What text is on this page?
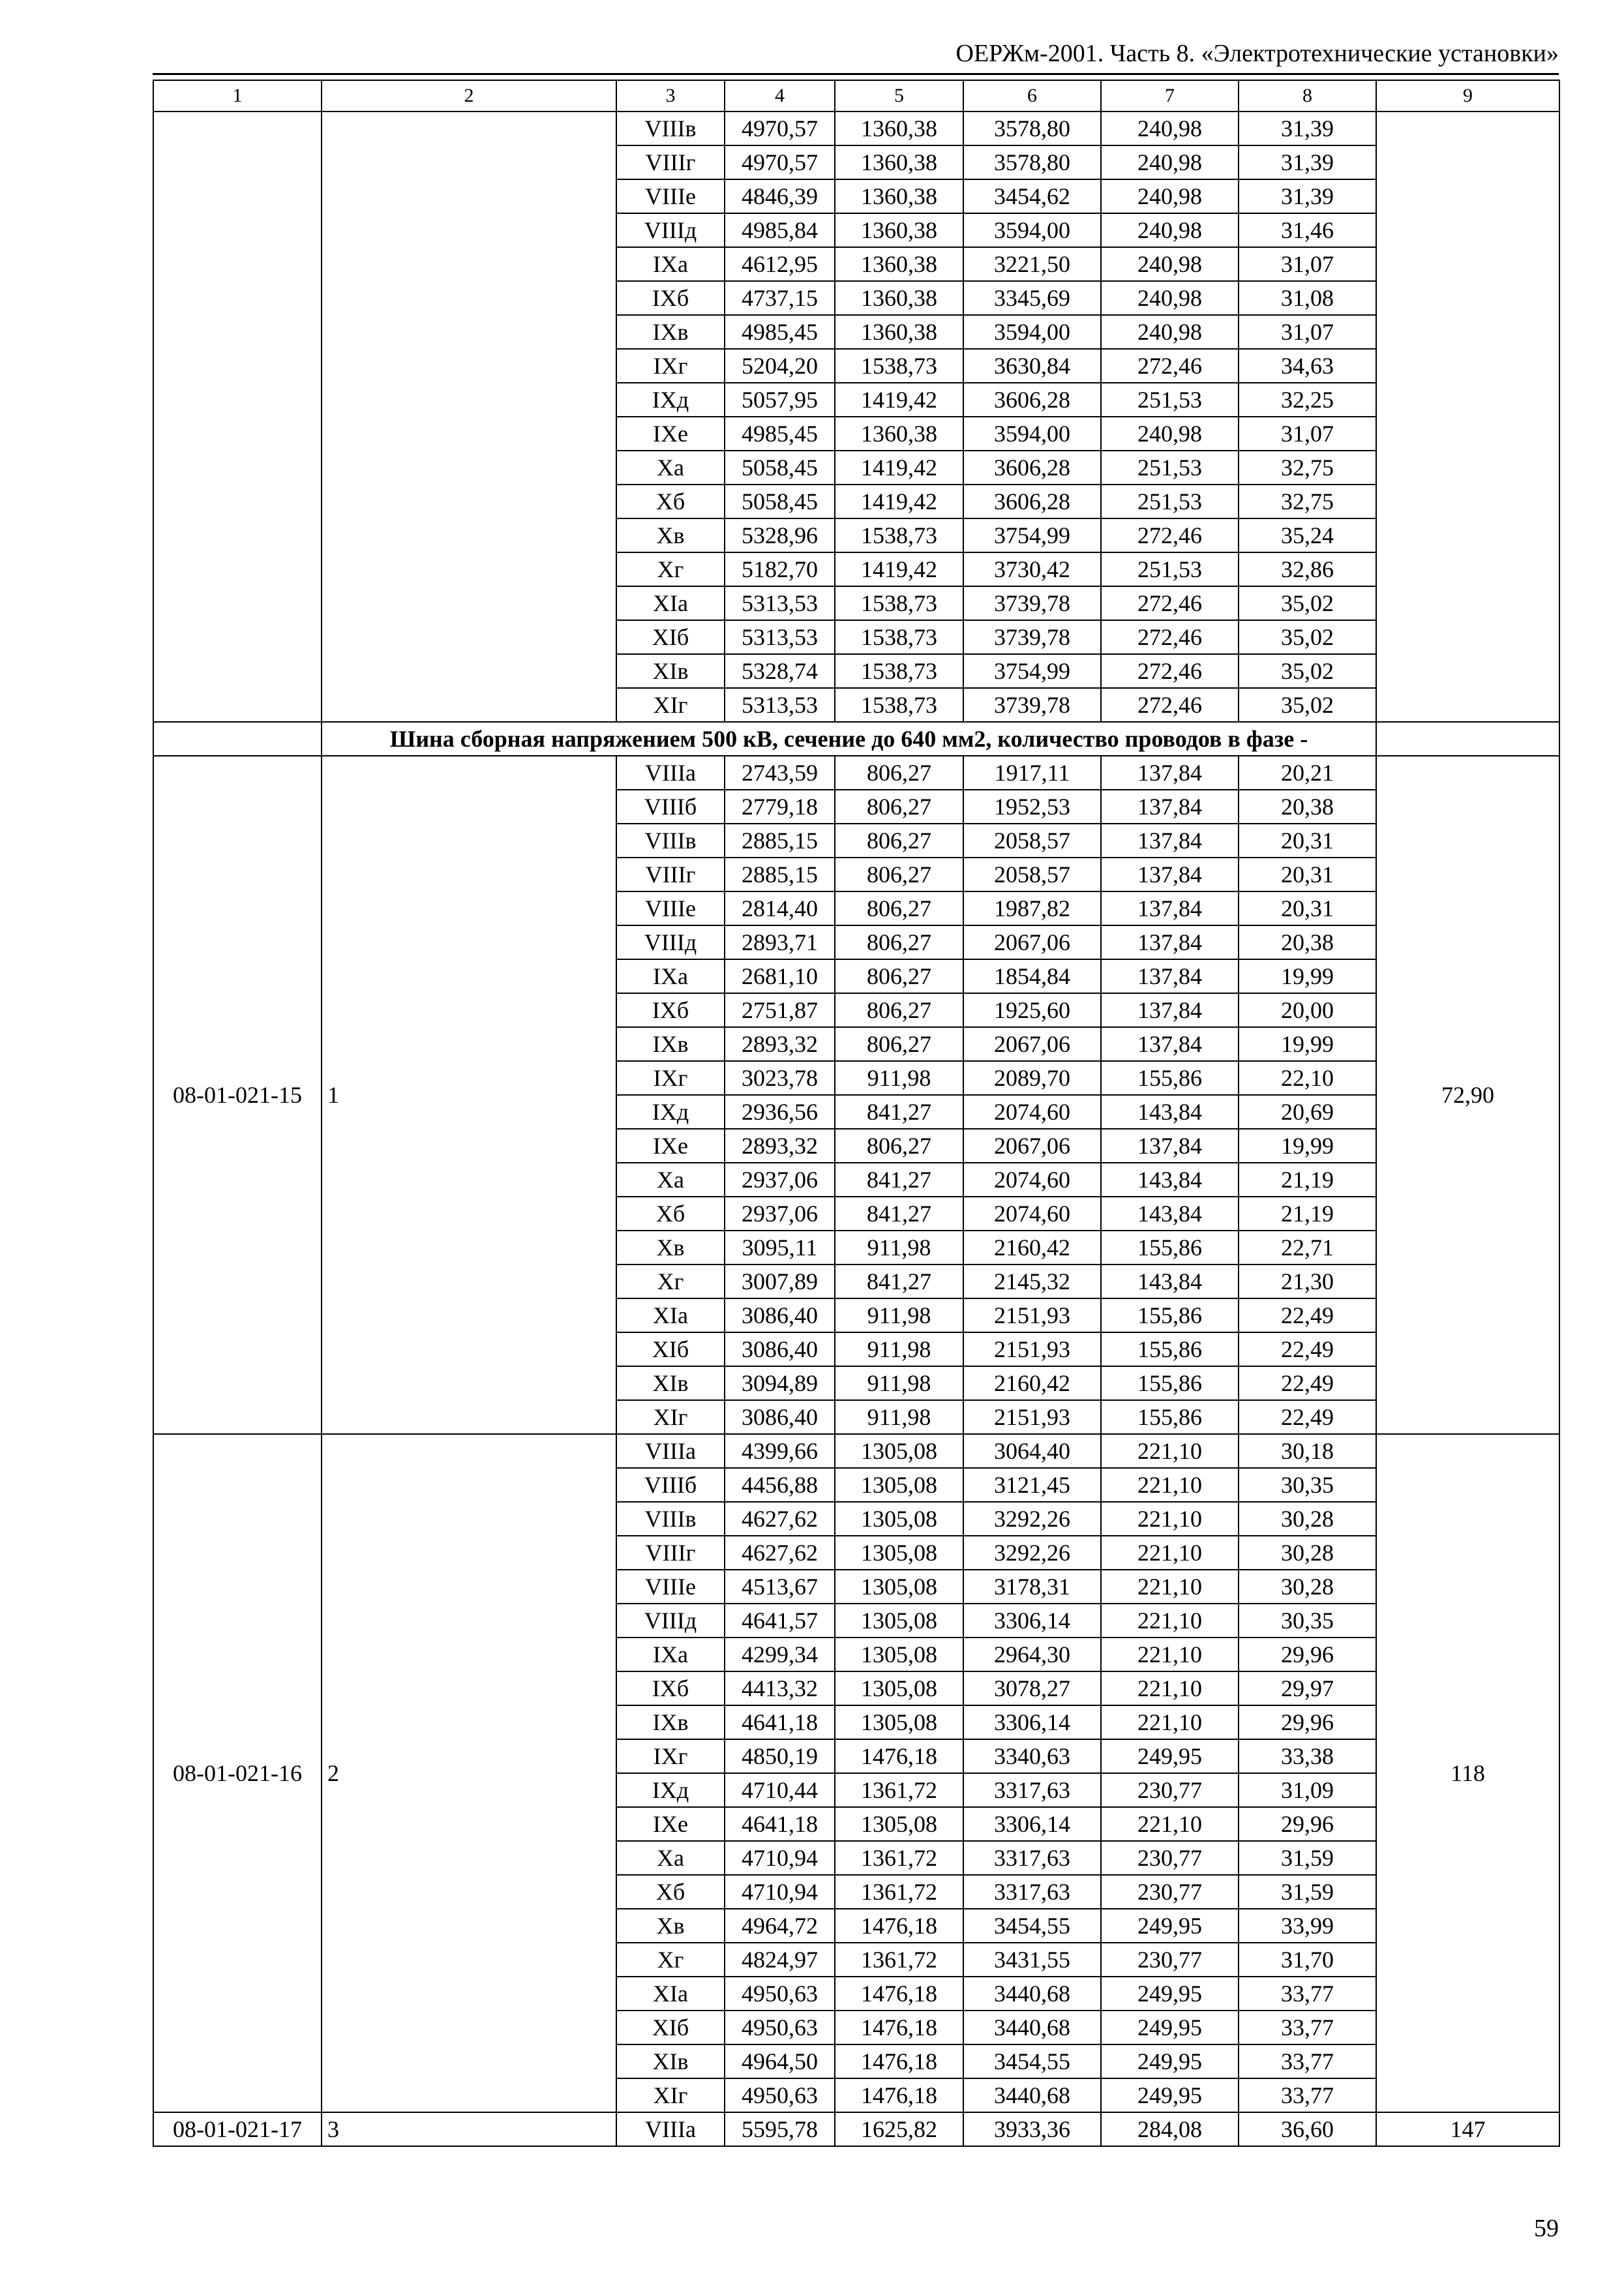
ОЕРЖм-2001. Часть 8. «Электротехнические установки»
1	2	3	4	5	6	7	8	9
		VIIIв	4970,57	1360,38	3578,80	240,98	31,39	
		VIIIг	4970,57	1360,38	3578,80	240,98	31,39	
		VIIIе	4846,39	1360,38	3454,62	240,98	31,39	
		VIIIд	4985,84	1360,38	3594,00	240,98	31,46	
		IXа	4612,95	1360,38	3221,50	240,98	31,07	
		IXб	4737,15	1360,38	3345,69	240,98	31,08	
		IXв	4985,45	1360,38	3594,00	240,98	31,07	
		IXг	5204,20	1538,73	3630,84	272,46	34,63	
		IXд	5057,95	1419,42	3606,28	251,53	32,25	
		IXе	4985,45	1360,38	3594,00	240,98	31,07	
		Xа	5058,45	1419,42	3606,28	251,53	32,75	
		Xб	5058,45	1419,42	3606,28	251,53	32,75	
		Xв	5328,96	1538,73	3754,99	272,46	35,24	
		Xг	5182,70	1419,42	3730,42	251,53	32,86	
		XIа	5313,53	1538,73	3739,78	272,46	35,02	
		XIб	5313,53	1538,73	3739,78	272,46	35,02	
		XIв	5328,74	1538,73	3754,99	272,46	35,02	
		XIг	5313,53	1538,73	3739,78	272,46	35,02	
	Шина сборная напряжением 500 кВ, сечение до 640 мм2, количество проводов в фазе -							
08-01-021-15	1	VIIIа	2743,59	806,27	1917,11	137,84	20,21	72,90
		VIIIб	2779,18	806,27	1952,53	137,84	20,38	
		VIIIв	2885,15	806,27	2058,57	137,84	20,31	
		VIIIг	2885,15	806,27	2058,57	137,84	20,31	
		VIIIе	2814,40	806,27	1987,82	137,84	20,31	
		VIIIд	2893,71	806,27	2067,06	137,84	20,38	
		IXа	2681,10	806,27	1854,84	137,84	19,99	
		IXб	2751,87	806,27	1925,60	137,84	20,00	
		IXв	2893,32	806,27	2067,06	137,84	19,99	
		IXг	3023,78	911,98	2089,70	155,86	22,10	
		IXд	2936,56	841,27	2074,60	143,84	20,69	
		IXе	2893,32	806,27	2067,06	137,84	19,99	
		Xа	2937,06	841,27	2074,60	143,84	21,19	
		Xб	2937,06	841,27	2074,60	143,84	21,19	
		Xв	3095,11	911,98	2160,42	155,86	22,71	
		Xг	3007,89	841,27	2145,32	143,84	21,30	
		XIа	3086,40	911,98	2151,93	155,86	22,49	
		XIб	3086,40	911,98	2151,93	155,86	22,49	
		XIв	3094,89	911,98	2160,42	155,86	22,49	
		XIг	3086,40	911,98	2151,93	155,86	22,49	
08-01-021-16	2	VIIIа	4399,66	1305,08	3064,40	221,10	30,18	118
		VIIIб	4456,88	1305,08	3121,45	221,10	30,35	
		VIIIв	4627,62	1305,08	3292,26	221,10	30,28	
		VIIIг	4627,62	1305,08	3292,26	221,10	30,28	
		VIIIе	4513,67	1305,08	3178,31	221,10	30,28	
		VIIIд	4641,57	1305,08	3306,14	221,10	30,35	
		IXа	4299,34	1305,08	2964,30	221,10	29,96	
		IXб	4413,32	1305,08	3078,27	221,10	29,97	
		IXв	4641,18	1305,08	3306,14	221,10	29,96	
		IXг	4850,19	1476,18	3340,63	249,95	33,38	
		IXд	4710,44	1361,72	3317,63	230,77	31,09	
		IXе	4641,18	1305,08	3306,14	221,10	29,96	
		Xа	4710,94	1361,72	3317,63	230,77	31,59	
		Xб	4710,94	1361,72	3317,63	230,77	31,59	
		Xв	4964,72	1476,18	3454,55	249,95	33,99	
		Xг	4824,97	1361,72	3431,55	230,77	31,70	
		XIа	4950,63	1476,18	3440,68	249,95	33,77	
		XIб	4950,63	1476,18	3440,68	249,95	33,77	
		XIв	4964,50	1476,18	3454,55	249,95	33,77	
		XIг	4950,63	1476,18	3440,68	249,95	33,77	
08-01-021-17	3	VIIIа	5595,78	1625,82	3933,36	284,08	36,60	147
59
